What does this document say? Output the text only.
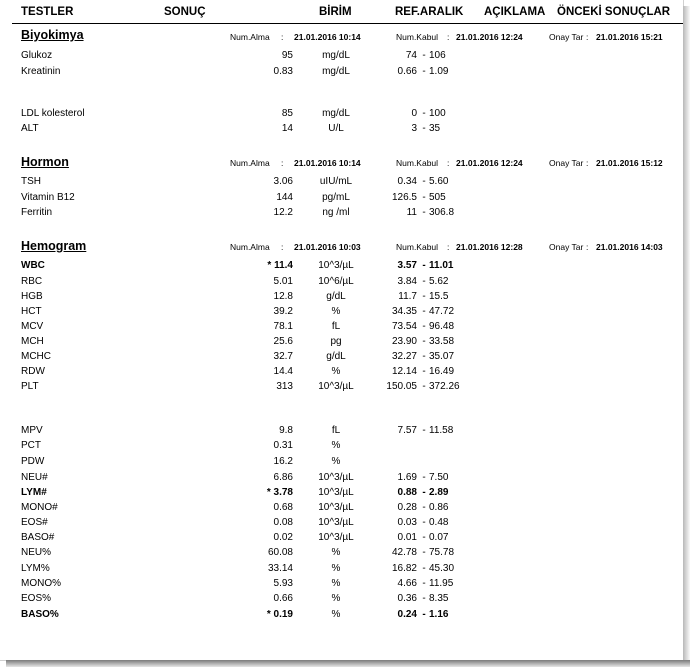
TESTLER	SONUÇ	BİRİM	REF.ARALIK AÇIKLAMA ÖNCEKİ SONUÇLAR
Biyokimya	Num.Alma : 21.01.2016 10:14	Num.Kabul : 21.01.2016 12:24	Onay Tar : 21.01.2016 15:21
Glukoz	95	mg/dL	74 - 106
Kreatinin	0.83	mg/dL	0.66 - 1.09
LDL kolesterol	85	mg/dL	0 - 100
ALT	14	U/L	3 - 35
Hormon	Num.Alma : 21.01.2016 10:14	Num.Kabul : 21.01.2016 12:24	Onay Tar : 21.01.2016 15:12
TSH	3.06	uIU/mL	0.34 - 5.60
Vitamin B12	144	pg/mL	126.5 - 505
Ferritin	12.2	ng /ml	11 - 306.8
Hemogram	Num.Alma : 21.01.2016 10:03	Num.Kabul : 21.01.2016 12:28	Onay Tar : 21.01.2016 14:03
WBC	* 11.4	10^3/µL	3.57 - 11.01
RBC	5.01	10^6/µL	3.84 - 5.62
HGB	12.8	g/dL	11.7 - 15.5
HCT	39.2	%	34.35 - 47.72
MCV	78.1	fL	73.54 - 96.48
MCH	25.6	pg	23.90 - 33.58
MCHC	32.7	g/dL	32.27 - 35.07
RDW	14.4	%	12.14 - 16.49
PLT	313	10^3/µL	150.05 - 372.26
MPV	9.8	fL	7.57 - 11.58
PCT	0.31	%
PDW	16.2	%
NEU#	6.86	10^3/µL	1.69 - 7.50
LYM#	* 3.78	10^3/µL	0.88 - 2.89
MONO#	0.68	10^3/µL	0.28 - 0.86
EOS#	0.08	10^3/µL	0.03 - 0.48
BASO#	0.02	10^3/µL	0.01 - 0.07
NEU%	60.08	%	42.78 - 75.78
LYM%	33.14	%	16.82 - 45.30
MONO%	5.93	%	4.66 - 11.95
EOS%	0.66	%	0.36 - 8.35
BASO%	* 0.19	%	0.24 - 1.16
